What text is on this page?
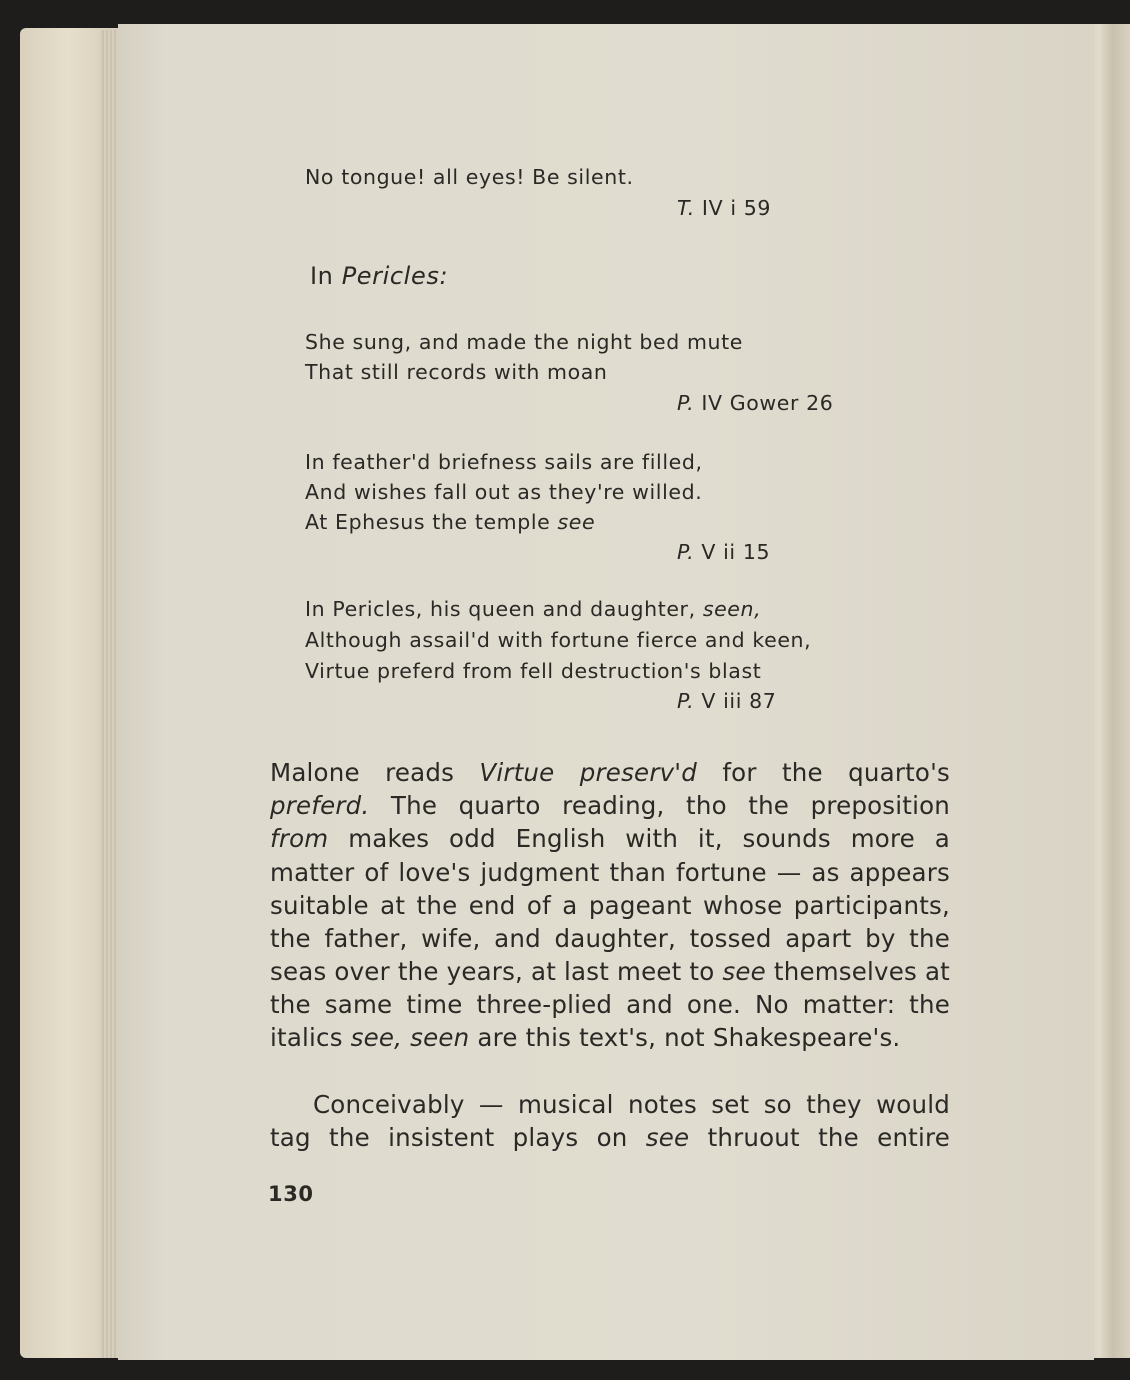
No tongue! all eyes! Be silent.
T. IV i 59
In Pericles:
She sung, and made the night bed mute
That still records with moan
P. IV Gower 26
In feather'd briefness sails are filled,
And wishes fall out as they're willed.
At Ephesus the temple see
P. V ii 15
In Pericles, his queen and daughter, seen,
Although assail'd with fortune fierce and keen,
Virtue preferd from fell destruction's blast
P. V iii 87
Malone reads Virtue preserv'd for the quarto's
preferd. The quarto reading, tho the preposition
from makes odd English with it, sounds more a
matter of love's judgment than fortune — as appears
suitable at the end of a pageant whose participants,
the father, wife, and daughter, tossed apart by the
seas over the years, at last meet to see themselves at
the same time three-plied and one. No matter: the
italics see, seen are this text's, not Shakespeare's.
Conceivably — musical notes set so they would
tag the insistent plays on see thruout the entire
130
